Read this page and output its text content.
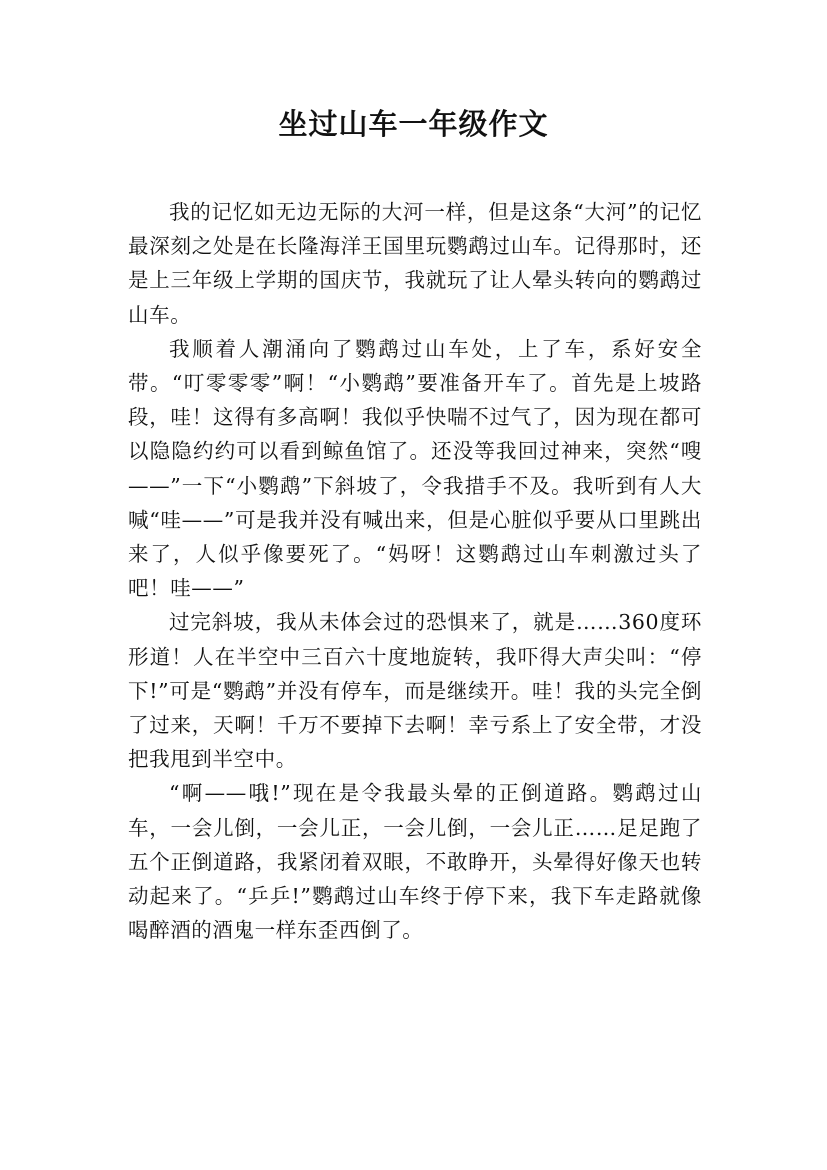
坐过山车一年级作文

我的记忆如无边无际的大河一样，但是这条“大河”的记忆最深刻之处是在长隆海洋王国里玩鹦鹉过山车。记得那时，还是上三年级上学期的国庆节，我就玩了让人晕头转向的鹦鹉过山车。

我顺着人潮涌向了鹦鹉过山车处，上了车，系好安全带。“叮零零零”啊！“小鹦鹉”要准备开车了。首先是上坡路段，哇！这得有多高啊！我似乎快喘不过气了，因为现在都可以隐隐约约可以看到鲸鱼馆了。还没等我回过神来，突然“嗖——”一下“小鹦鹉”下斜坡了，令我措手不及。我听到有人大喊“哇——”可是我并没有喊出来，但是心脏似乎要从口里跳出来了，人似乎像要死了。“妈呀！这鹦鹉过山车刺激过头了吧！哇——”

过完斜坡，我从未体会过的恐惧来了，就是……360度环形道！人在半空中三百六十度地旋转，我吓得大声尖叫：“停下!”可是“鹦鹉”并没有停车，而是继续开。哇！我的头完全倒了过来，天啊！千万不要掉下去啊！幸亏系上了安全带，才没把我甩到半空中。

“啊——哦!”现在是令我最头晕的正倒道路。鹦鹉过山车，一会儿倒，一会儿正，一会儿倒，一会儿正……足足跑了五个正倒道路，我紧闭着双眼，不敢睁开，头晕得好像天也转动起来了。“乒乒!”鹦鹉过山车终于停下来，我下车走路就像喝醉酒的酒鬼一样东歪西倒了。
